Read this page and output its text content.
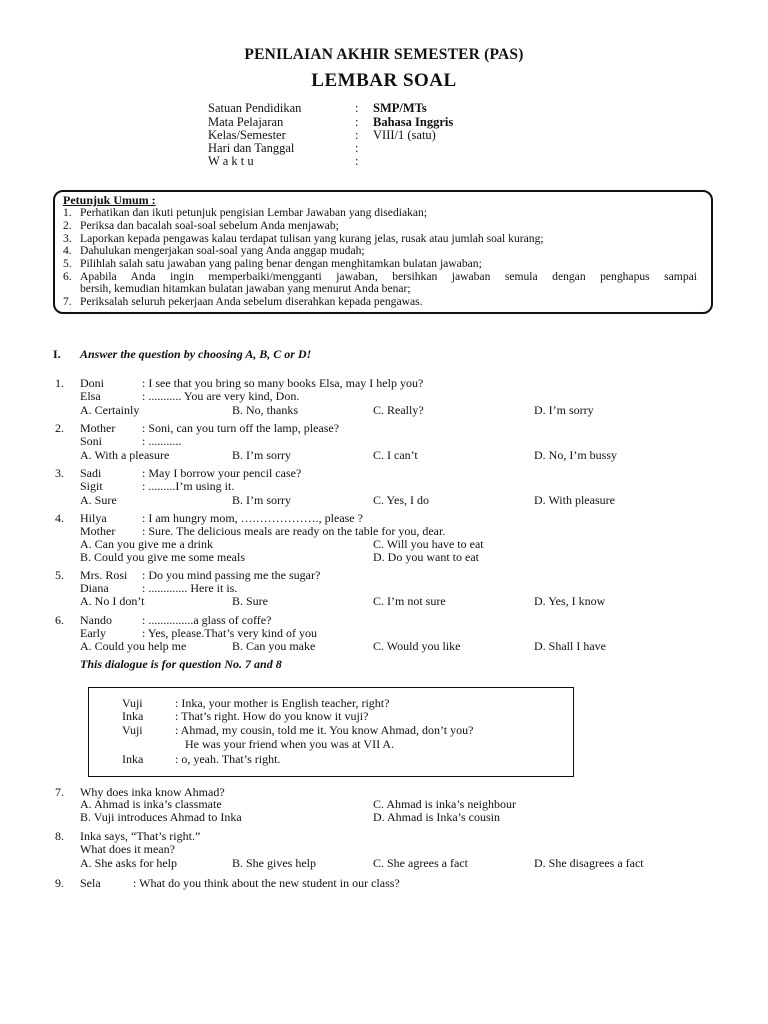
PENILAIAN AKHIR SEMESTER (PAS)
LEMBAR SOAL
Satuan Pendidikan	: SMP/MTs
Mata Pelajaran	: Bahasa Inggris
Kelas/Semester	: VIII/1 (satu)
Hari dan Tanggal	:
W a k t u	:
Petunjuk Umum :
1. Perhatikan dan ikuti petunjuk pengisian Lembar Jawaban yang disediakan;
2. Periksa dan bacalah soal-soal sebelum Anda menjawab;
3. Laporkan kepada pengawas kalau terdapat tulisan yang kurang jelas, rusak atau jumlah soal kurang;
4. Dahulukan mengerjakan soal-soal yang Anda anggap mudah;
5. Pilihlah salah satu jawaban yang paling benar dengan menghitamkan bulatan jawaban;
6. Apabila Anda ingin memperbaiki/mengganti jawaban, bersihkan jawaban semula dengan penghapus sampai
bersih, kemudian hitamkan bulatan jawaban yang menurut Anda benar;
7. Periksalah seluruh pekerjaan Anda sebelum diserahkan kepada pengawas.
I. Answer the question by choosing A, B, C or D!
1. Doni	: I see that you bring so many books Elsa, may I help you?
Elsa	: ........... You are very kind, Don.
A. Certainly	B. No, thanks	C. Really?	D. I’m sorry
2. Mother : Soni, can you turn off the lamp, please?
Soni	: ...........
A. With a pleasure	B. I’m sorry	C. I can’t	D. No, I’m bussy
3. Sadi	: May I borrow your pencil case?
Sigit	: .........I’m using it.
A. Sure	B. I’m sorry	C. Yes, I do	D. With pleasure
4. Hilya	: I am hungry mom, ….……………., please ?
Mother : Sure. The delicious meals are ready on the table for you, dear.
A. Can you give me a drink
B. Could you give me some meals
C. Will you have to eat
D. Do you want to eat
5. Mrs. Rosi : Do you mind passing me the sugar?
Diana	: ............. Here it is.
A. No I don’t	B. Sure	C. I’m not sure	D. Yes, I know
6. Nando	: ...............a glass of coffe?
Early	: Yes, please.That’s very kind of you
A. Could you help me	B. Can you make	C. Would you like	D. Shall I have
This dialogue is for question No. 7 and 8
Vuji	: Inka, your mother is English teacher, right?
Inka	: That’s right. How do you know it vuji?
Vuji	: Ahmad, my cousin, told me it. You know Ahmad, don’t you?
He was your friend when you was at VII A.
Inka	: o, yeah. That’s right.
7. Why does inka know Ahmad?
A. Ahmad is inka’s classmate
B. Vuji introduces Ahmad to Inka
C. Ahmad is inka’s neighbour
D. Ahmad is Inka’s cousin
8. Inka says, “That’s right.”
What does it mean?
A. She asks for help	B. She gives help	C. She agrees a fact	D. She disagrees a fact
9. Sela	: What do you think about the new student in our class?
